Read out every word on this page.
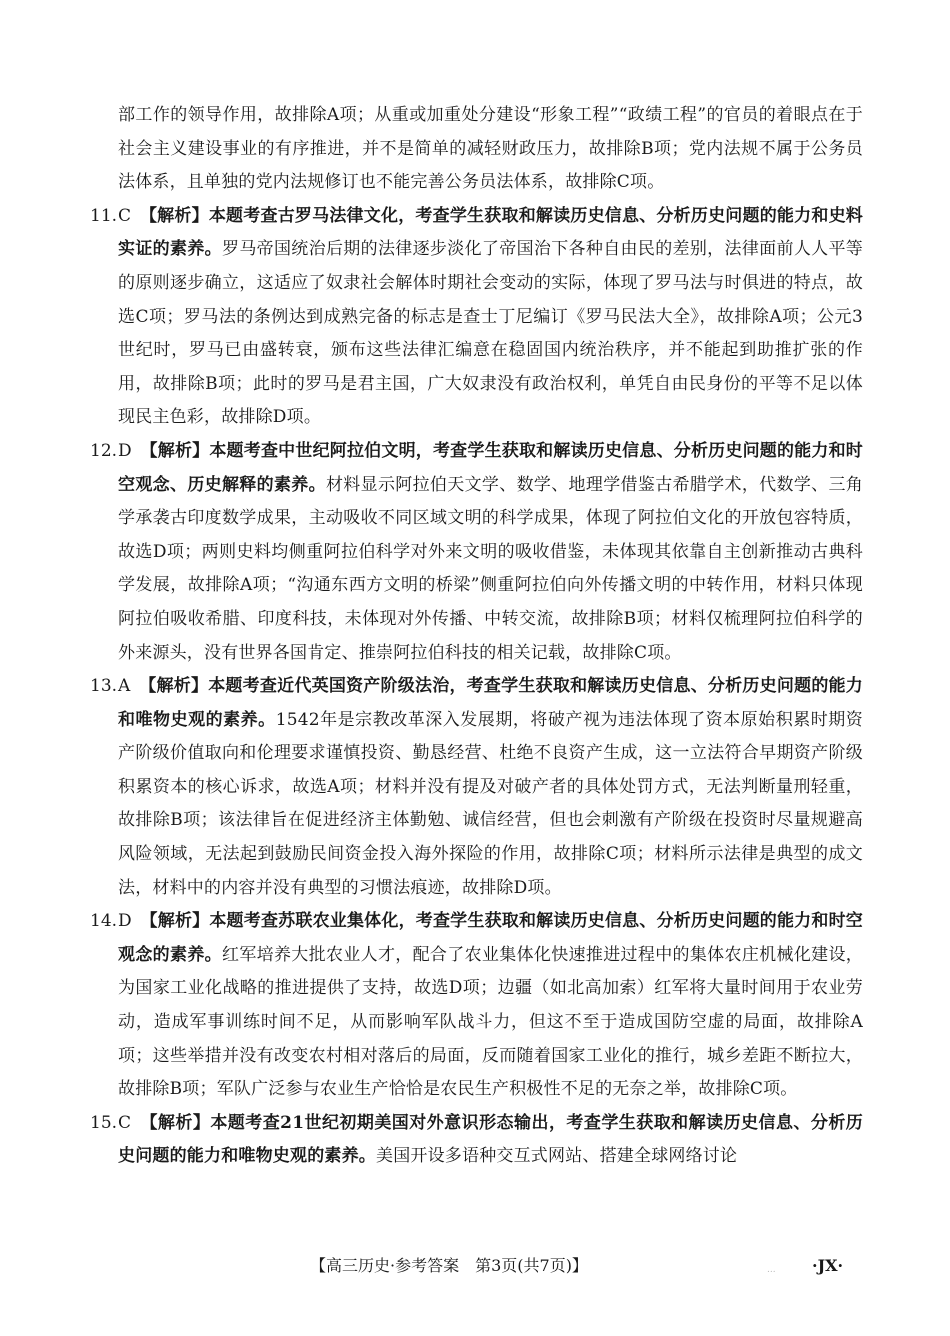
部工作的领导作用，故排除A项；从重或加重处分建设“形象工程”“政绩工程”的官员的着眼点在于社会主义建设事业的有序推进，并不是简单的减轻财政压力，故排除B项；党内法规不属于公务员法体系，且单独的党内法规修订也不能完善公务员法体系，故排除C项。

11. C　 【解析】本题考查古罗马法律文化，考查学生获取和解读历史信息、分析历史问题的能力和史料实证的素养。罗马帝国统治后期的法律逐步淡化了帝国治下各种自由民的差别，法律面前人人平等的原则逐步确立，这适应了奴隶社会解体时期社会变动的实际，体现了罗马法与时俱进的特点，故选C项；罗马法的条例达到成熟完备的标志是查士丁尼编订《罗马民法大全》，故排除A项；公元3世纪时，罗马已由盛转衰，颁布这些法律汇编意在稳固国内统治秩序，并不能起到助推扩张的作用，故排除B项；此时的罗马是君主国，广大奴隶没有政治权利，单凭自由民身份的平等不足以体现民主色彩，故排除D项。

12. D　 【解析】本题考查中世纪阿拉伯文明，考查学生获取和解读历史信息、分析历史问题的能力和时空观念、历史解释的素养。材料显示阿拉伯天文学、数学、地理学借鉴古希腊学术，代数学、三角学承袭古印度数学成果，主动吸收不同区域文明的科学成果，体现了阿拉伯文化的开放包容特质，故选D项；两则史料均侧重阿拉伯科学对外来文明的吸收借鉴，未体现其依靠自主创新推动古典科学发展，故排除A项；“沟通东西方文明的桥梁”侧重阿拉伯向外传播文明的中转作用，材料只体现阿拉伯吸收希腊、印度科技，未体现对外传播、中转交流，故排除B项；材料仅梳理阿拉伯科学的外来源头，没有世界各国肯定、推崇阿拉伯科技的相关记载，故排除C项。

13. A　 【解析】本题考查近代英国资产阶级法治，考查学生获取和解读历史信息、分析历史问题的能力和唯物史观的素养。1542年是宗教改革深入发展期，将破产视为违法体现了资本原始积累时期资产阶级价值取向和伦理要求谨慎投资、勤恳经营、杜绝不良资产生成，这一立法符合早期资产阶级积累资本的核心诉求，故选A项；材料并没有提及对破产者的具体处罚方式，无法判断量刑轻重，故排除B项；该法律旨在促进经济主体勤勉、诚信经营，但也会刺激有产阶级在投资时尽量规避高风险领域，无法起到鼓励民间资金投入海外探险的作用，故排除C项；材料所示法律是典型的成文法，材料中的内容并没有典型的习惯法痕迹，故排除D项。

14. D　 【解析】本题考查苏联农业集体化，考查学生获取和解读历史信息、分析历史问题的能力和时空观念的素养。红军培养大批农业人才，配合了农业集体化快速推进过程中的集体农庄机械化建设，为国家工业化战略的推进提供了支持，故选D项；边疆（如北高加索）红军将大量时间用于农业劳动，造成军事训练时间不足，从而影响军队战斗力，但这不至于造成国防空虚的局面，故排除A项；这些举措并没有改变农村相对落后的局面，反而随着国家工业化的推行，城乡差距不断拉大，故排除B项；军队广泛参与农业生产恰恰是农民生产积极性不足的无奈之举，故排除C项。

15. C　 【解析】本题考查21世纪初期美国对外意识形态输出，考查学生获取和解读历史信息、分析历史问题的能力和唯物史观的素养。美国开设多语种交互式网站、搭建全球网络讨论

【高三历史·参考答案　第3页(共7页)】	... ·JX·
